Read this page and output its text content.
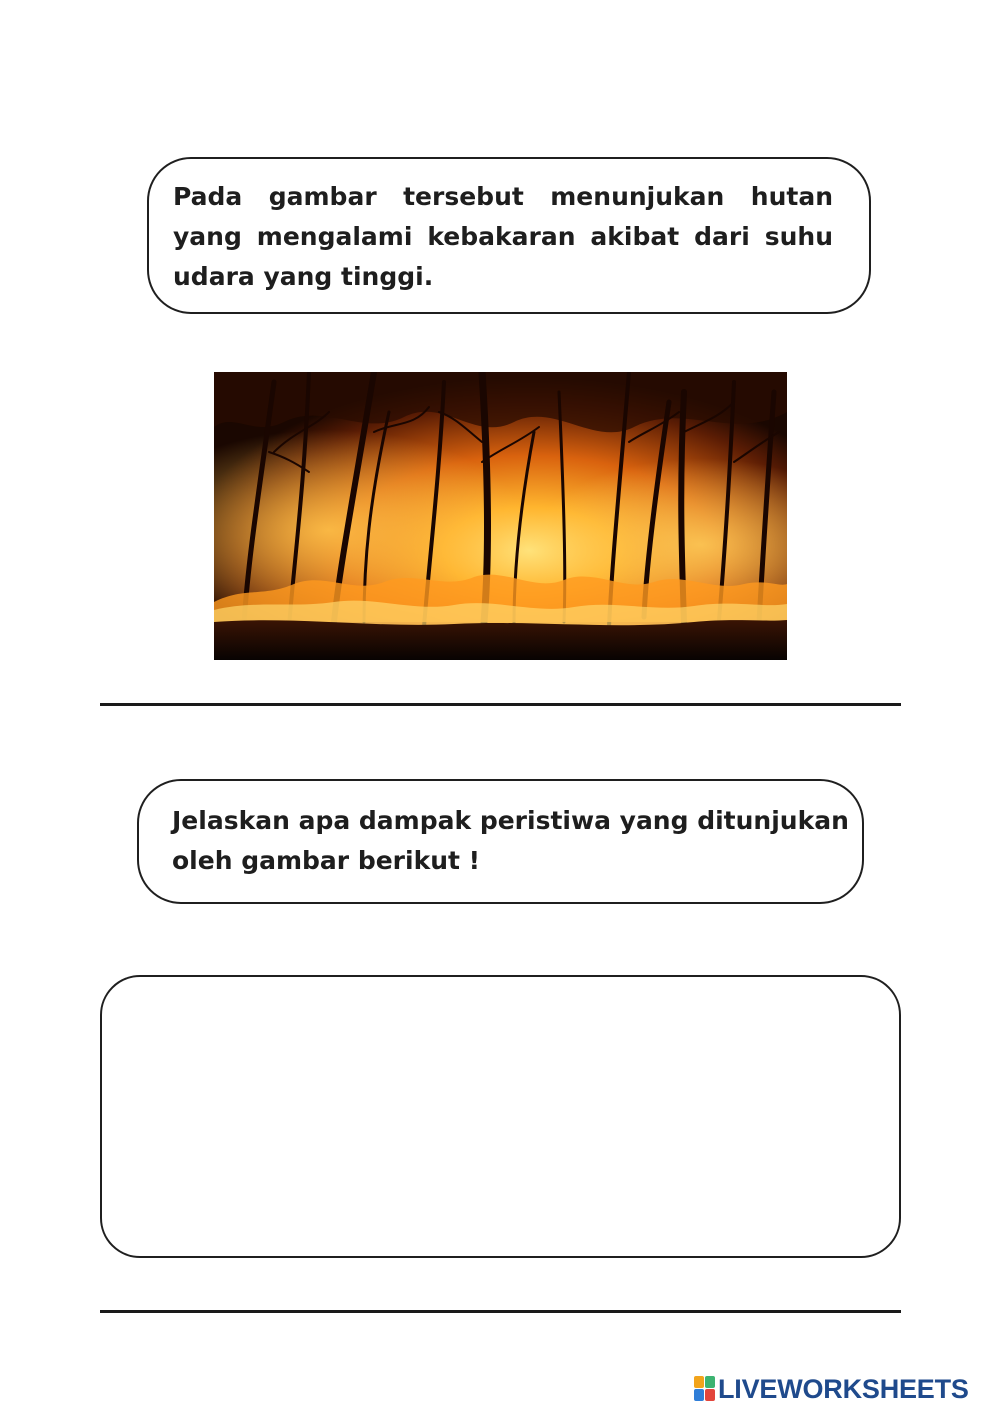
Pada gambar tersebut menunjukan hutan yang mengalami kebakaran akibat dari suhu udara yang tinggi.
Jelaskan apa dampak peristiwa yang ditunjukan oleh gambar berikut !
LIVEWORKSHEETS
